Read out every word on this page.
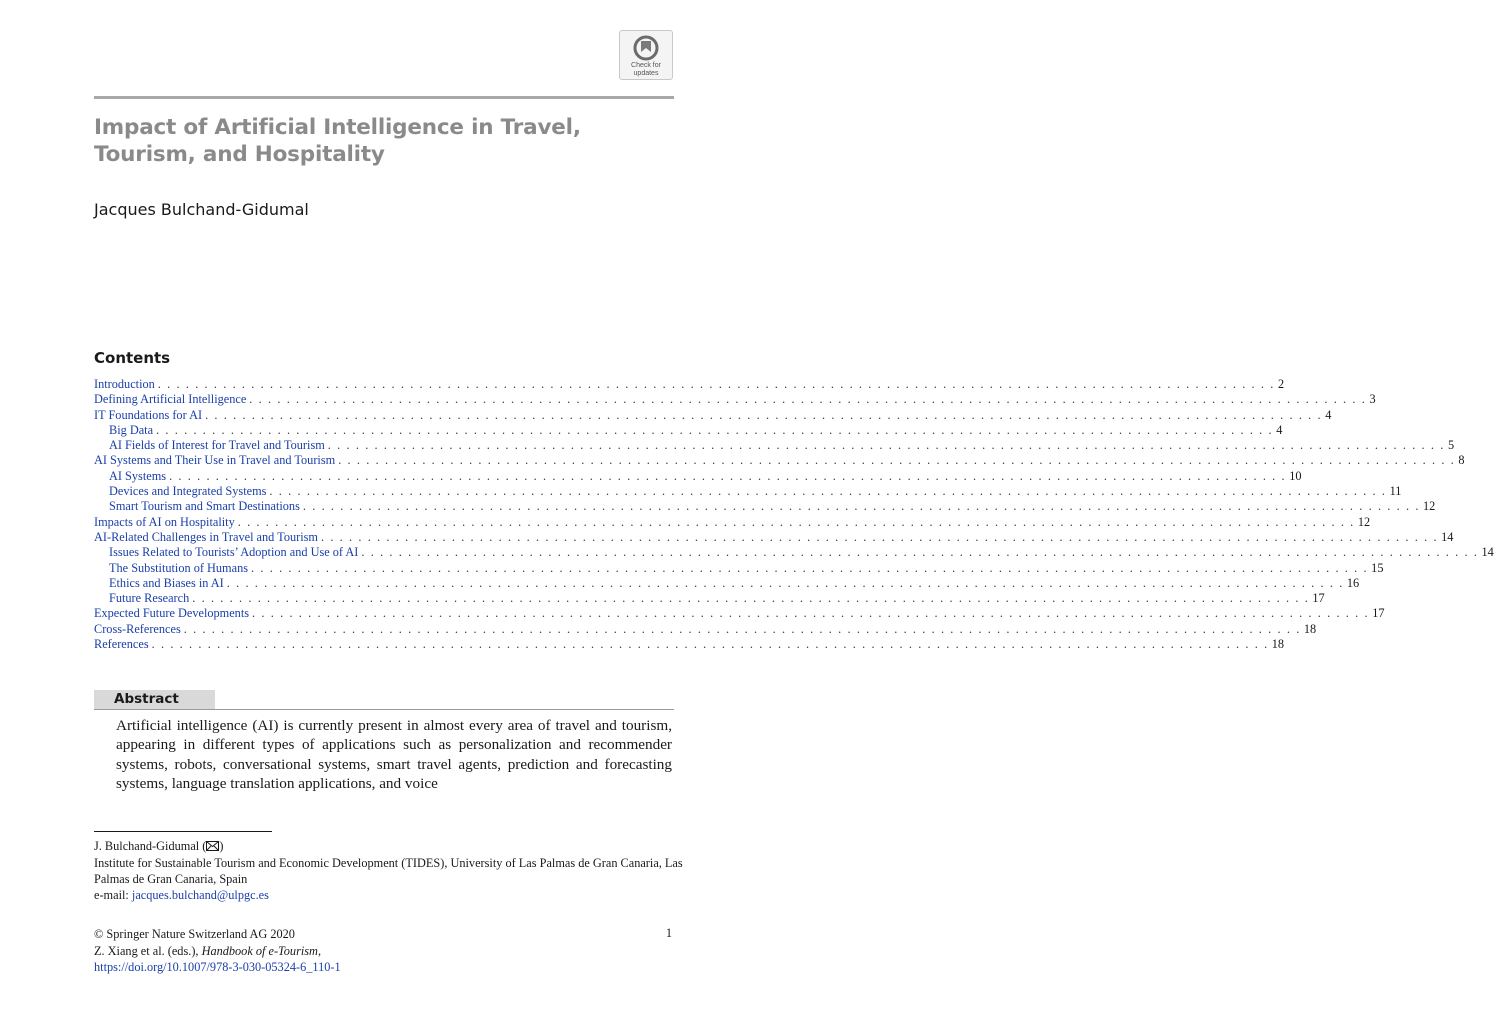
Check for
updates
Impact of Artificial Intelligence in Travel,
Tourism, and Hospitality
Jacques Bulchand-Gidumal
Contents
Introduction . . . . . . . . . . . . . . . . . . . . . . . . . . . . . . . . . . . . . . . . . . . . . . . . . . . . . . . . . . . . . . . . . . . . . . . . . . . . . . . . . . . . . . . . . . . . . . . . . . . . . . . . . . . . . . . . . . . . . . . . 2
Defining Artificial Intelligence . . . . . . . . . . . . . . . . . . . . . . . . . . . . . . . . . . . . . . . . . . . . . . . . . . . . . . . . . . . . . . . . . . . . . . . . . . . . . . . . . . . . . . . . . . . . . . . . . . . . . . . . . . . . . . . . . . . . . . . . 3
IT Foundations for AI . . . . . . . . . . . . . . . . . . . . . . . . . . . . . . . . . . . . . . . . . . . . . . . . . . . . . . . . . . . . . . . . . . . . . . . . . . . . . . . . . . . . . . . . . . . . . . . . . . . . . . . . . . . . . . . . . . . . . . . . 4
Big Data . . . . . . . . . . . . . . . . . . . . . . . . . . . . . . . . . . . . . . . . . . . . . . . . . . . . . . . . . . . . . . . . . . . . . . . . . . . . . . . . . . . . . . . . . . . . . . . . . . . . . . . . . . . . . . . . . . . . . . . . 4
AI Fields of Interest for Travel and Tourism . . . . . . . . . . . . . . . . . . . . . . . . . . . . . . . . . . . . . . . . . . . . . . . . . . . . . . . . . . . . . . . . . . . . . . . . . . . . . . . . . . . . . . . . . . . . . . . . . . . . . . . . . . . . . . . . . . . . . . . . 5
AI Systems and Their Use in Travel and Tourism . . . . . . . . . . . . . . . . . . . . . . . . . . . . . . . . . . . . . . . . . . . . . . . . . . . . . . . . . . . . . . . . . . . . . . . . . . . . . . . . . . . . . . . . . . . . . . . . . . . . . . . . . . . . . . . . . . . . . . . . 8
AI Systems . . . . . . . . . . . . . . . . . . . . . . . . . . . . . . . . . . . . . . . . . . . . . . . . . . . . . . . . . . . . . . . . . . . . . . . . . . . . . . . . . . . . . . . . . . . . . . . . . . . . . . . . . . . . . . . . . . . . . . . . 10
Devices and Integrated Systems . . . . . . . . . . . . . . . . . . . . . . . . . . . . . . . . . . . . . . . . . . . . . . . . . . . . . . . . . . . . . . . . . . . . . . . . . . . . . . . . . . . . . . . . . . . . . . . . . . . . . . . . . . . . . . . . . . . . . . . . 11
Smart Tourism and Smart Destinations . . . . . . . . . . . . . . . . . . . . . . . . . . . . . . . . . . . . . . . . . . . . . . . . . . . . . . . . . . . . . . . . . . . . . . . . . . . . . . . . . . . . . . . . . . . . . . . . . . . . . . . . . . . . . . . . . . . . . . . . 12
Impacts of AI on Hospitality . . . . . . . . . . . . . . . . . . . . . . . . . . . . . . . . . . . . . . . . . . . . . . . . . . . . . . . . . . . . . . . . . . . . . . . . . . . . . . . . . . . . . . . . . . . . . . . . . . . . . . . . . . . . . . . . . . . . . . . . 12
AI-Related Challenges in Travel and Tourism . . . . . . . . . . . . . . . . . . . . . . . . . . . . . . . . . . . . . . . . . . . . . . . . . . . . . . . . . . . . . . . . . . . . . . . . . . . . . . . . . . . . . . . . . . . . . . . . . . . . . . . . . . . . . . . . . . . . . . . . 14
Issues Related to Tourists’ Adoption and Use of AI . . . . . . . . . . . . . . . . . . . . . . . . . . . . . . . . . . . . . . . . . . . . . . . . . . . . . . . . . . . . . . . . . . . . . . . . . . . . . . . . . . . . . . . . . . . . . . . . . . . . . . . . . . . . . . . . . . . . . . . . 14
The Substitution of Humans . . . . . . . . . . . . . . . . . . . . . . . . . . . . . . . . . . . . . . . . . . . . . . . . . . . . . . . . . . . . . . . . . . . . . . . . . . . . . . . . . . . . . . . . . . . . . . . . . . . . . . . . . . . . . . . . . . . . . . . . 15
Ethics and Biases in AI . . . . . . . . . . . . . . . . . . . . . . . . . . . . . . . . . . . . . . . . . . . . . . . . . . . . . . . . . . . . . . . . . . . . . . . . . . . . . . . . . . . . . . . . . . . . . . . . . . . . . . . . . . . . . . . . . . . . . . . . 16
Future Research . . . . . . . . . . . . . . . . . . . . . . . . . . . . . . . . . . . . . . . . . . . . . . . . . . . . . . . . . . . . . . . . . . . . . . . . . . . . . . . . . . . . . . . . . . . . . . . . . . . . . . . . . . . . . . . . . . . . . . . . 17
Expected Future Developments . . . . . . . . . . . . . . . . . . . . . . . . . . . . . . . . . . . . . . . . . . . . . . . . . . . . . . . . . . . . . . . . . . . . . . . . . . . . . . . . . . . . . . . . . . . . . . . . . . . . . . . . . . . . . . . . . . . . . . . . 17
Cross-References . . . . . . . . . . . . . . . . . . . . . . . . . . . . . . . . . . . . . . . . . . . . . . . . . . . . . . . . . . . . . . . . . . . . . . . . . . . . . . . . . . . . . . . . . . . . . . . . . . . . . . . . . . . . . . . . . . . . . . . . 18
References . . . . . . . . . . . . . . . . . . . . . . . . . . . . . . . . . . . . . . . . . . . . . . . . . . . . . . . . . . . . . . . . . . . . . . . . . . . . . . . . . . . . . . . . . . . . . . . . . . . . . . . . . . . . . . . . . . . . . . . . 18
Abstract
Artificial intelligence (AI) is currently present in almost every area of travel and tourism, appearing in different types of applications such as personalization and recommender systems, robots, conversational systems, smart travel agents, prediction and forecasting systems, language translation applications, and voice
J. Bulchand-Gidumal ( )
Institute for Sustainable Tourism and Economic Development (TIDES), University of Las Palmas de Gran Canaria, Las Palmas de Gran Canaria, Spain
e-mail: jacques.bulchand@ulpgc.es
© Springer Nature Switzerland AG 2020
Z. Xiang et al. (eds.), Handbook of e-Tourism,
https://doi.org/10.1007/978-3-030-05324-6_110-1
1
